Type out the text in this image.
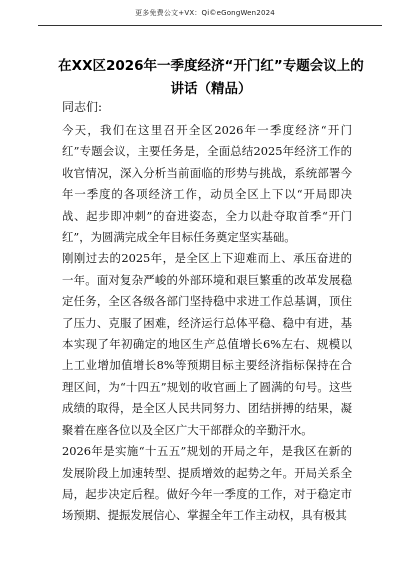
更多免费公文+VX：Qi©eGongWen2024
在XX区2026年一季度经济“开门红”专题会议上的
讲话（精品）
同志们:

今天，我们在这里召开全区2026年一季度经济“开门红”专题会议，主要任务是，全面总结2025年经济工作的收官情况，深入分析当前面临的形势与挑战，系统部署今年一季度的各项经济工作，动员全区上下以“开局即决战、起步即冲刺”的奋进姿态，全力以赴夺取首季“开门红”，为圆满完成全年目标任务奠定坚实基础。

刚刚过去的2025年，是全区上下迎难而上、承压奋进的一年。面对复杂严峻的外部环境和艰巨繁重的改革发展稳定任务，全区各级各部门坚持稳中求进工作总基调，顶住了压力、克服了困难，经济运行总体平稳、稳中有进，基本实现了年初确定的地区生产总值增长6%左右、规模以上工业增加值增长8%等预期目标主要经济指标保持在合理区间，为“十四五”规划的收官画上了圆满的句号。这些成绩的取得，是全区人民共同努力、团结拼搏的结果，凝聚着在座各位以及全区广大干部群众的辛勤汗水。

2026年是实施“十五五”规划的开局之年，是我区在新的发展阶段上加速转型、提质增效的起势之年。开局关系全局，起步决定后程。做好今年一季度的工作，对于稳定市场预期、提振发展信心、掌握全年工作主动权，具有极其
